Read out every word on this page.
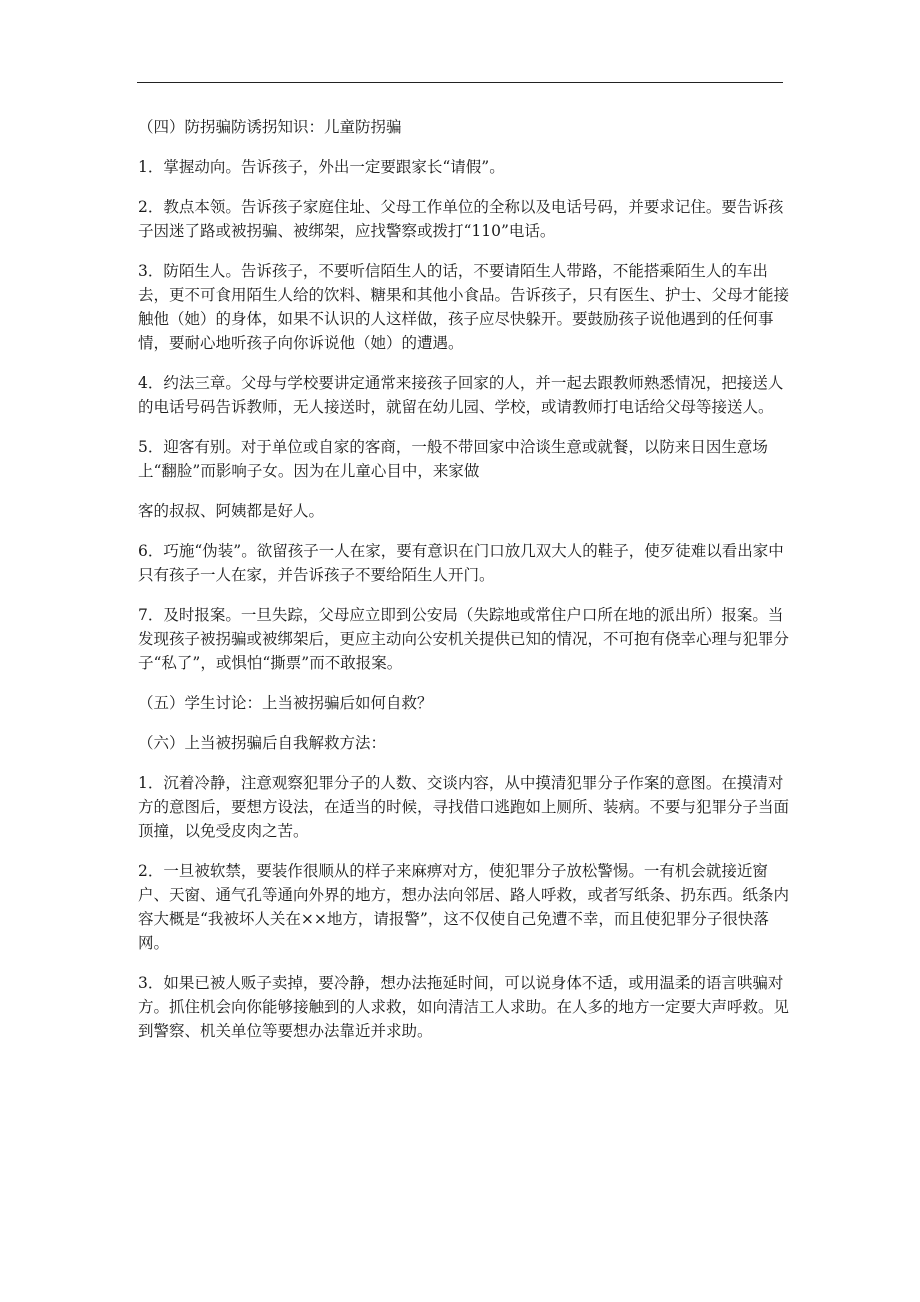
（四）防拐骗防诱拐知识：儿童防拐骗

1．掌握动向。告诉孩子，外出一定要跟家长“请假”。

2．教点本领。告诉孩子家庭住址、父母工作单位的全称以及电话号码，并要求记住。要告诉孩子因迷了路或被拐骗、被绑架，应找警察或拨打“110”电话。

3．防陌生人。告诉孩子，不要听信陌生人的话，不要请陌生人带路，不能搭乘陌生人的车出去，更不可食用陌生人给的饮料、糖果和其他小食品。告诉孩子，只有医生、护士、父母才能接触他（她）的身体，如果不认识的人这样做，孩子应尽快躲开。要鼓励孩子说他遇到的任何事情，要耐心地听孩子向你诉说他（她）的遭遇。

4．约法三章。父母与学校要讲定通常来接孩子回家的人，并一起去跟教师熟悉情况，把接送人的电话号码告诉教师，无人接送时，就留在幼儿园、学校，或请教师打电话给父母等接送人。

5．迎客有别。对于单位或自家的客商，一般不带回家中洽谈生意或就餐，以防来日因生意场上“翻脸”而影响子女。因为在儿童心目中，来家做

客的叔叔、阿姨都是好人。

6．巧施“伪装”。欲留孩子一人在家，要有意识在门口放几双大人的鞋子，使歹徒难以看出家中只有孩子一人在家，并告诉孩子不要给陌生人开门。

7．及时报案。一旦失踪，父母应立即到公安局（失踪地或常住户口所在地的派出所）报案。当发现孩子被拐骗或被绑架后，更应主动向公安机关提供已知的情况，不可抱有侥幸心理与犯罪分子“私了”，或惧怕“撕票”而不敢报案。

（五）学生讨论：上当被拐骗后如何自救？

（六）上当被拐骗后自我解救方法：

1．沉着冷静，注意观察犯罪分子的人数、交谈内容，从中摸清犯罪分子作案的意图。在摸清对方的意图后，要想方设法，在适当的时候，寻找借口逃跑如上厕所、装病。不要与犯罪分子当面顶撞，以免受皮肉之苦。

2．一旦被软禁，要装作很顺从的样子来麻痹对方，使犯罪分子放松警惕。一有机会就接近窗户、天窗、通气孔等通向外界的地方，想办法向邻居、路人呼救，或者写纸条、扔东西。纸条内容大概是“我被坏人关在××地方，请报警”，这不仅使自己免遭不幸，而且使犯罪分子很快落网。

3．如果已被人贩子卖掉，要冷静，想办法拖延时间，可以说身体不适，或用温柔的语言哄骗对方。抓住机会向你能够接触到的人求救，如向清洁工人求助。在人多的地方一定要大声呼救。见到警察、机关单位等要想办法靠近并求助。
